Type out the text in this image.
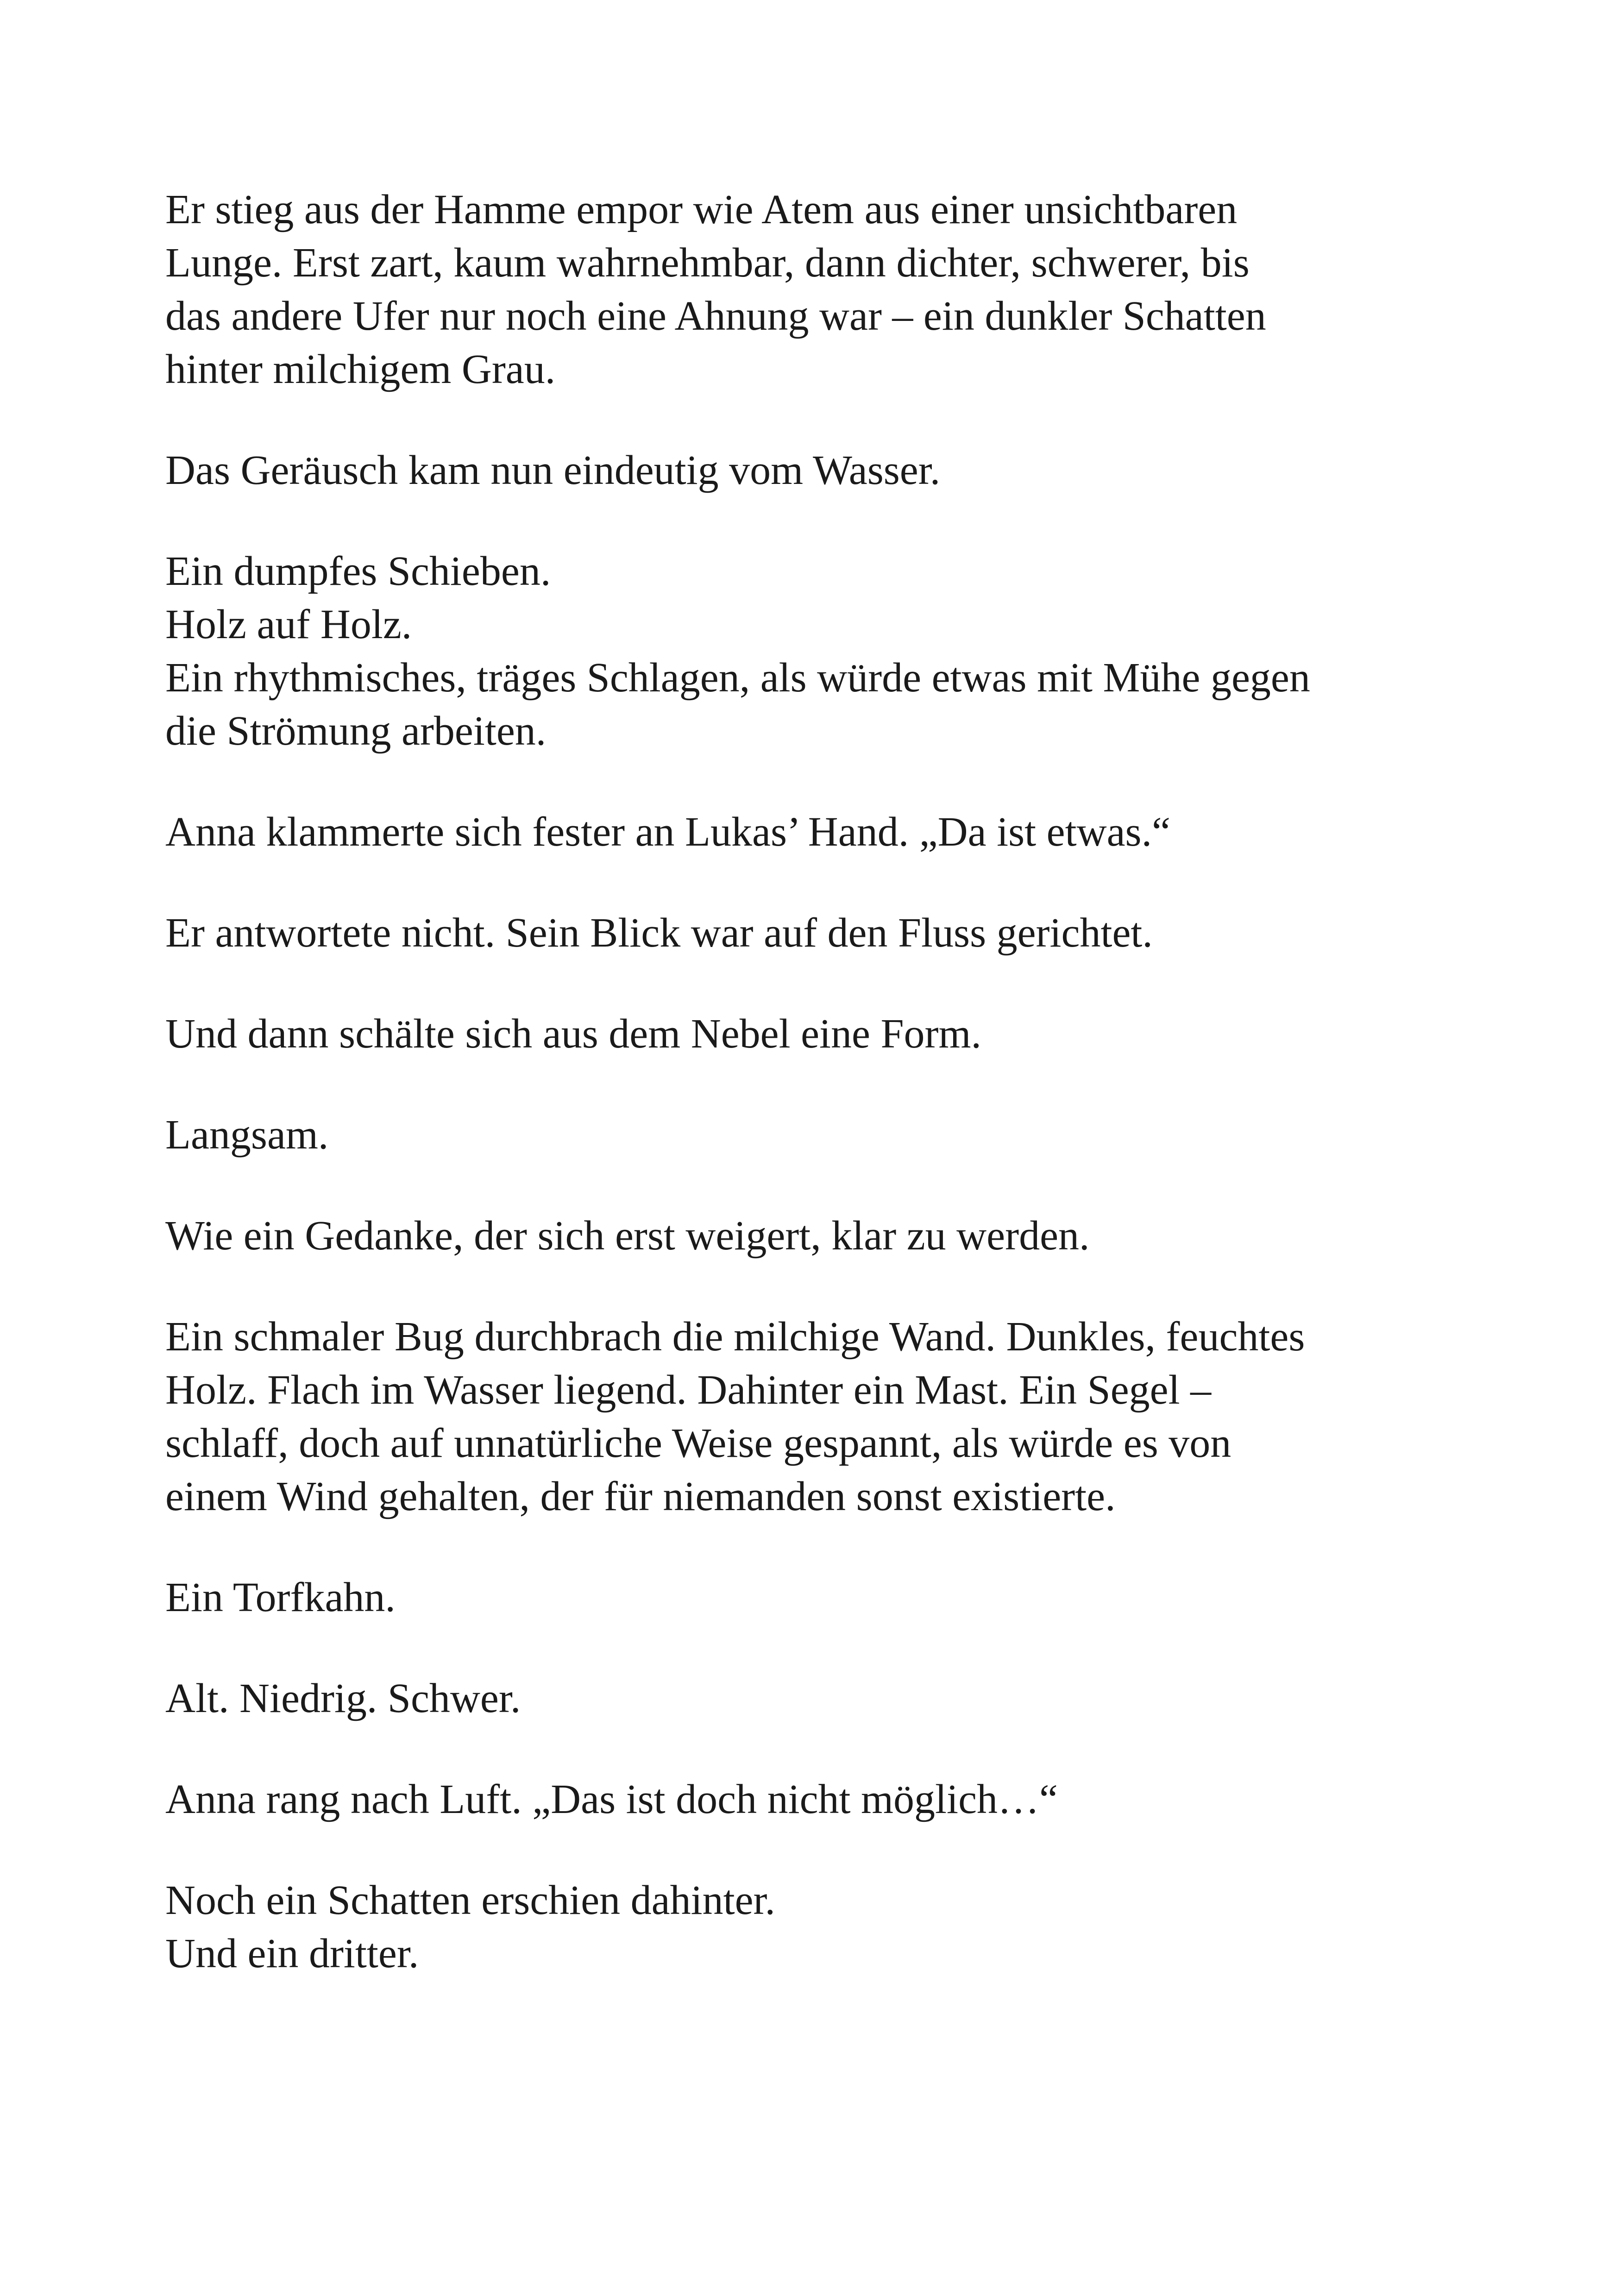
Er stieg aus der Hamme empor wie Atem aus einer unsichtbaren
Lunge. Erst zart, kaum wahrnehmbar, dann dichter, schwerer, bis
das andere Ufer nur noch eine Ahnung war – ein dunkler Schatten
hinter milchigem Grau.

Das Geräusch kam nun eindeutig vom Wasser.

Ein dumpfes Schieben.
Holz auf Holz.
Ein rhythmisches, träges Schlagen, als würde etwas mit Mühe gegen
die Strömung arbeiten.

Anna klammerte sich fester an Lukas’ Hand. „Da ist etwas.“

Er antwortete nicht. Sein Blick war auf den Fluss gerichtet.

Und dann schälte sich aus dem Nebel eine Form.

Langsam.

Wie ein Gedanke, der sich erst weigert, klar zu werden.

Ein schmaler Bug durchbrach die milchige Wand. Dunkles, feuchtes
Holz. Flach im Wasser liegend. Dahinter ein Mast. Ein Segel –
schlaff, doch auf unnatürliche Weise gespannt, als würde es von
einem Wind gehalten, der für niemanden sonst existierte.

Ein Torfkahn.

Alt. Niedrig. Schwer.

Anna rang nach Luft. „Das ist doch nicht möglich…“

Noch ein Schatten erschien dahinter.
Und ein dritter.
